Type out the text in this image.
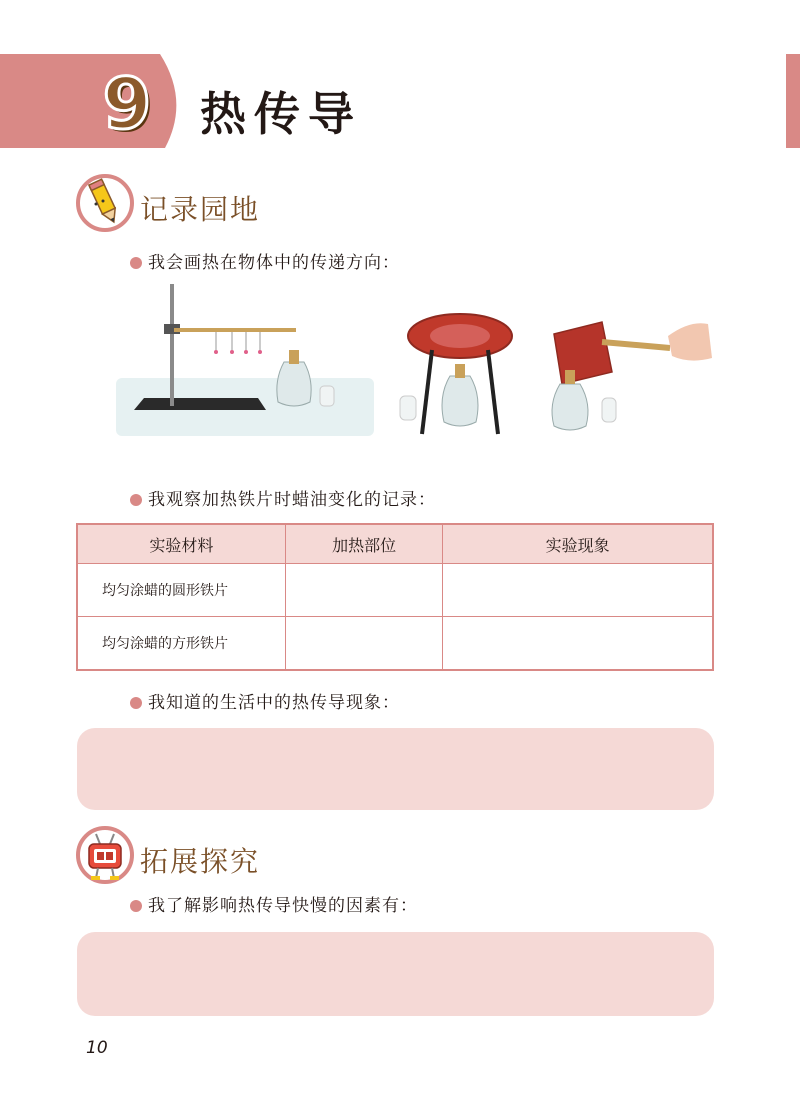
9 热传导
记录园地
我会画热在物体中的传递方向：
我观察加热铁片时蜡油变化的记录：
实验材料	加热部位	实验现象
均匀涂蜡的圆形铁片		
均匀涂蜡的方形铁片		
我知道的生活中的热传导现象：
拓展探究
我了解影响热传导快慢的因素有：
10
